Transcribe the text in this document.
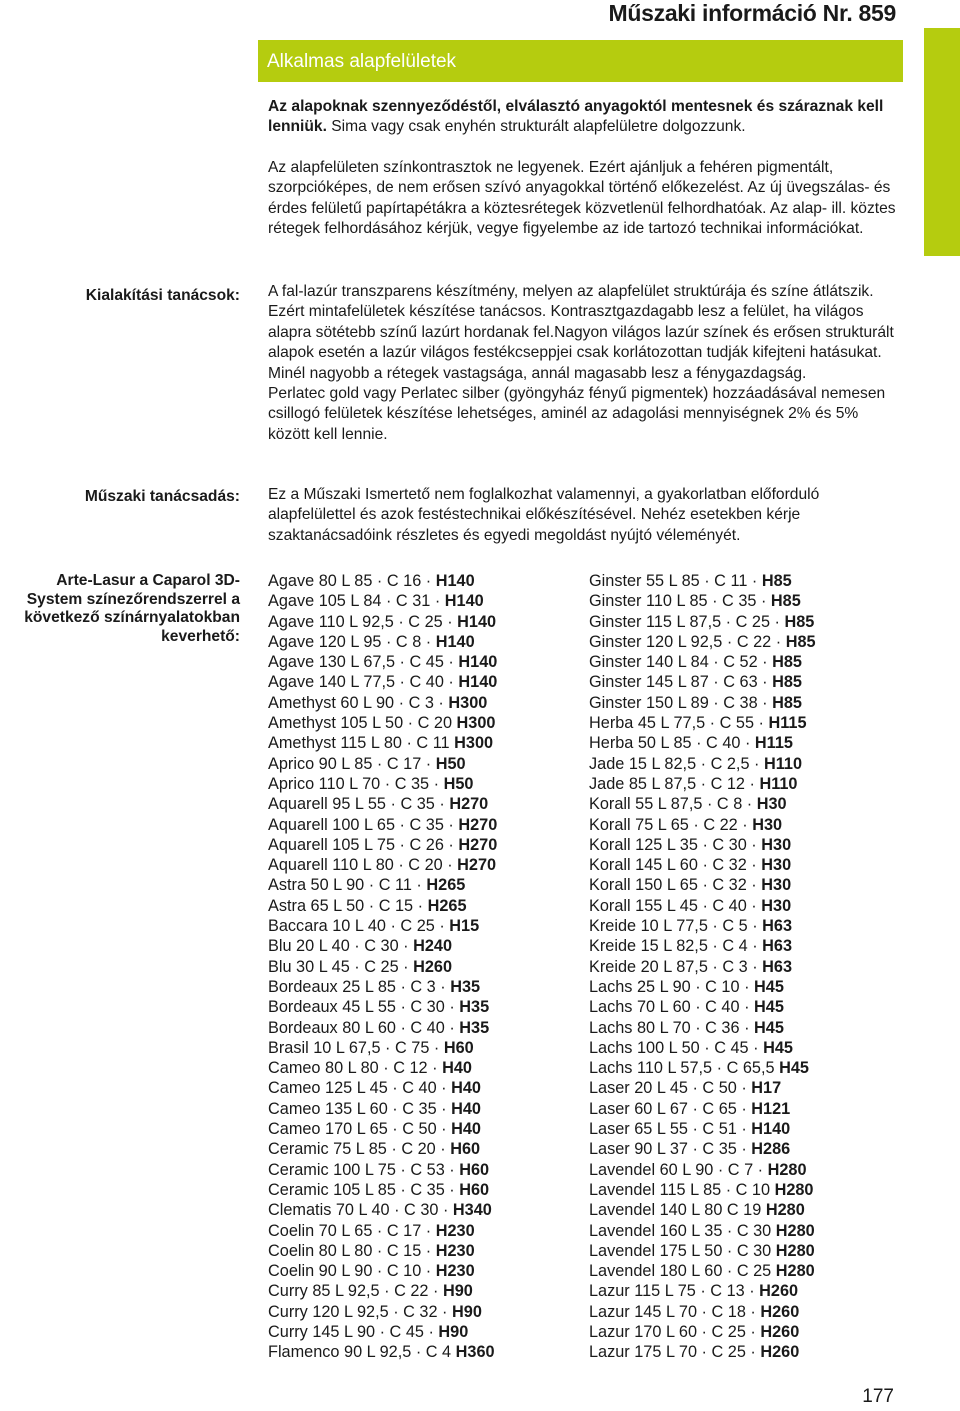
Műszaki információ Nr. 859
Alkalmas alapfelületek

Az alapoknak szennyeződéstől, elválasztó anyagoktól mentesnek és száraznak kell lenniük. Sima vagy csak enyhén strukturált alapfelületre dolgozzunk.

Az alapfelületen színkontrasztok ne legyenek. Ezért ajánljuk a fehéren pigmentált, szorpcióképes, de nem erősen szívó anyagokkal történő előkezelést. Az új üvegszálas- és érdes felületű papírtapétákra a köztesrétegek közvetlenül felhordhatóak. Az alap- ill. köztes rétegek felhordásához kérjük, vegye figyelembe az ide tartozó technikai információkat.

Kialakítási tanácsok: A fal-lazúr transzparens készítmény, melyen az alapfelület struktúrája és színe átlátszik. Ezért mintafelületek készítése tanácsos. Kontrasztgazdagabb lesz a felület, ha világos alapra sötétebb színű lazúrt hordanak fel.Nagyon világos lazúr színek és erősen strukturált alapok esetén a lazúr világos festékcseppjei csak korlátozottan tudják kifejteni hatásukat. Minél nagyobb a rétegek vastagsága, annál magasabb lesz a fénygazdagság.

Perlatec gold vagy Perlatec silber (gyöngyház fényű pigmentek) hozzáadásával nemesen csillogó felületek készítése lehetséges, aminél az adagolási mennyiségnek 2% és 5% között kell lennie.

Műszaki tanácsadás: Ez a Műszaki Ismertető nem foglalkozhat valamennyi, a gyakorlatban előforduló alapfelülettel és azok festéstechnikai előkészítésével. Nehéz esetekben kérje szaktanácsadóink részletes és egyedi megoldást nyújtó véleményét.

Arte-Lasur a Caparol 3D-System színezőrendszerrel a következő színárnyalatokban keverhető:
Agave 80 L 85 · C 16 · H140
Agave 105 L 84 · C 31 · H140
Agave 110 L 92,5 · C 25 · H140
Agave 120 L 95 · C 8 · H140
Agave 130 L 67,5 · C 45 · H140
Agave 140 L 77,5 · C 40 · H140
Amethyst 60 L 90 · C 3 · H300
Amethyst 105 L 50 · C 20 H300
Amethyst 115 L 80 · C 11 H300
Aprico 90 L 85 · C 17 · H50
Aprico 110 L 70 · C 35 · H50
Aquarell 95 L 55 · C 35 · H270
Aquarell 100 L 65 · C 35 · H270
Aquarell 105 L 75 · C 26 · H270
Aquarell 110 L 80 · C 20 · H270
Astra 50 L 90 · C 11 · H265
Astra 65 L 50 · C 15 · H265
Baccara 10 L 40 · C 25 · H15
Blu 20 L 40 · C 30 · H240
Blu 30 L 45 · C 25 · H260
Bordeaux 25 L 85 · C 3 · H35
Bordeaux 45 L 55 · C 30 · H35
Bordeaux 80 L 60 · C 40 · H35
Brasil 10 L 67,5 · C 75 · H60
Cameo 80 L 80 · C 12 · H40
Cameo 125 L 45 · C 40 · H40
Cameo 135 L 60 · C 35 · H40
Cameo 170 L 65 · C 50 · H40
Ceramic 75 L 85 · C 20 · H60
Ceramic 100 L 75 · C 53 · H60
Ceramic 105 L 85 · C 35 · H60
Clematis 70 L 40 · C 30 · H340
Coelin 70 L 65 · C 17 · H230
Coelin 80 L 80 · C 15 · H230
Coelin 90 L 90 · C 10 · H230
Curry 85 L 92,5 · C 22 · H90
Curry 120 L 92,5 · C 32 · H90
Curry 145 L 90 · C 45 · H90
Flamenco 90 L 92,5 · C 4 H360
Ginster 55 L 85 · C 11 · H85
Ginster 110 L 85 · C 35 · H85
Ginster 115 L 87,5 · C 25 · H85
Ginster 120 L 92,5 · C 22 · H85
Ginster 140 L 84 · C 52 · H85
Ginster 145 L 87 · C 63 · H85
Ginster 150 L 89 · C 38 · H85
Herba 45 L 77,5 · C 55 · H115
Herba 50 L 85 · C 40 · H115
Jade 15 L 82,5 · C 2,5 · H110
Jade 85 L 87,5 · C 12 · H110
Korall 55 L 87,5 · C 8 · H30
Korall 75 L 65 · C 22 · H30
Korall 125 L 35 · C 30 · H30
Korall 145 L 60 · C 32 · H30
Korall 150 L 65 · C 32 · H30
Korall 155 L 45 · C 40 · H30
Kreide 10 L 77,5 · C 5 · H63
Kreide 15 L 82,5 · C 4 · H63
Kreide 20 L 87,5 · C 3 · H63
Lachs 25 L 90 · C 10 · H45
Lachs 70 L 60 · C 40 · H45
Lachs 80 L 70 · C 36 · H45
Lachs 100 L 50 · C 45 · H45
Lachs 110 L 57,5 · C 65,5 H45
Laser 20 L 45 · C 50 · H17
Laser 60 L 67 · C 65 · H121
Laser 65 L 55 · C 51 · H140
Laser 90 L 37 · C 35 · H286
Lavendel 60 L 90 · C 7 · H280
Lavendel 115 L 85 · C 10 H280
Lavendel 140 L 80 C 19 H280
Lavendel 160 L 35 · C 30 H280
Lavendel 175 L 50 · C 30 H280
Lavendel 180 L 60 · C 25 H280
Lazur 115 L 75 · C 13 · H260
Lazur 145 L 70 · C 18 · H260
Lazur 170 L 60 · C 25 · H260
Lazur 175 L 70 · C 25 · H260
177
